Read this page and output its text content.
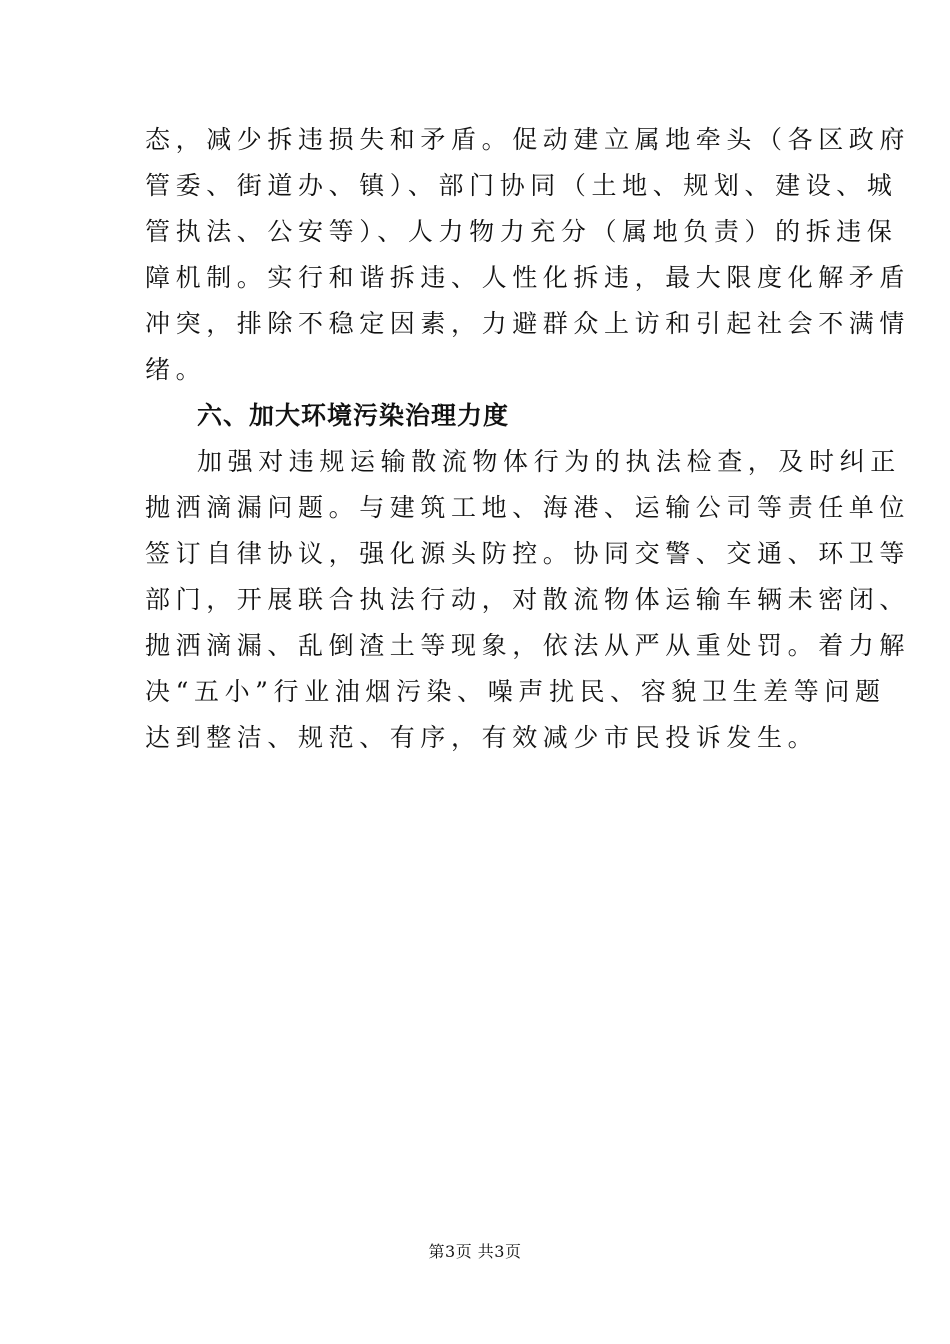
态，减少拆违损失和矛盾。促动建立属地牵头（各区政府
管委、街道办、镇）、部门协同（土地、规划、建设、城
管执法、公安等）、人力物力充分（属地负责）的拆违保
障机制。实行和谐拆违、人性化拆违，最大限度化解矛盾
冲突，排除不稳定因素，力避群众上访和引起社会不满情
绪。
六、加大环境污染治理力度
加强对违规运输散流物体行为的执法检查，及时纠正
抛洒滴漏问题。与建筑工地、海港、运输公司等责任单位
签订自律协议，强化源头防控。协同交警、交通、环卫等
部门，开展联合执法行动，对散流物体运输车辆未密闭、
抛洒滴漏、乱倒渣土等现象，依法从严从重处罚。着力解
决“五小”行业油烟污染、噪声扰民、容貌卫生差等问题
达到整洁、规范、有序，有效减少市民投诉发生。
第3页 共3页
